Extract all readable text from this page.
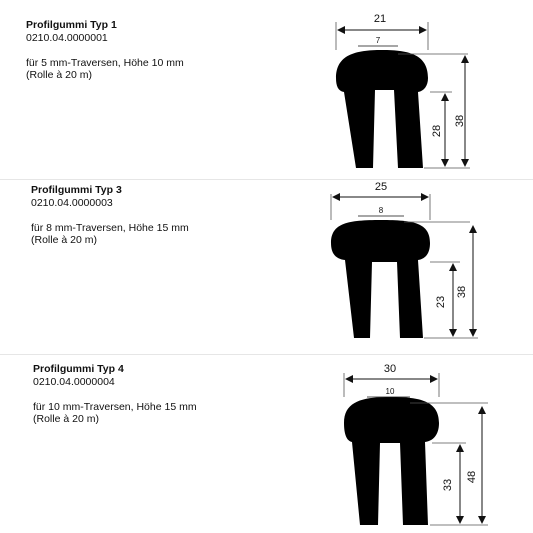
Profilgummi Typ 1
0210.04.0000001
für 5 mm-Traversen, Höhe 10 mm
(Rolle à 20 m)
21
7
28
38
Profilgummi Typ 3
0210.04.0000003
für 8 mm-Traversen, Höhe 15 mm
(Rolle à 20 m)
25
8
23
38
Profilgummi Typ 4
0210.04.0000004
für 10 mm-Traversen, Höhe 15 mm
(Rolle à 20 m)
30
10
33
48
